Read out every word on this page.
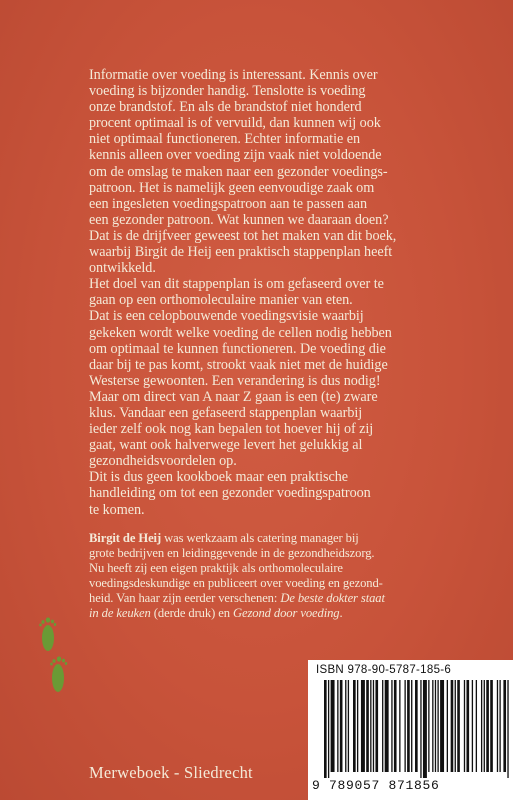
Informatie over voeding is interessant. Kennis over
voeding is bijzonder handig. Tenslotte is voeding
onze brandstof. En als de brandstof niet honderd
procent optimaal is of vervuild, dan kunnen wij ook
niet optimaal functioneren. Echter informatie en
kennis alleen over voeding zijn vaak niet voldoende
om de omslag te maken naar een gezonder voedings-
patroon. Het is namelijk geen eenvoudige zaak om
een ingesleten voedingspatroon aan te passen aan
een gezonder patroon. Wat kunnen we daaraan doen?
Dat is de drijfveer geweest tot het maken van dit boek,
waarbij Birgit de Heij een praktisch stappenplan heeft
ontwikkeld.
Het doel van dit stappenplan is om gefaseerd over te
gaan op een orthomoleculaire manier van eten.
Dat is een celopbouwende voedingsvisie waarbij
gekeken wordt welke voeding de cellen nodig hebben
om optimaal te kunnen functioneren. De voeding die
daar bij te pas komt, strookt vaak niet met de huidige
Westerse gewoonten. Een verandering is dus nodig!
Maar om direct van A naar Z gaan is een (te) zware
klus. Vandaar een gefaseerd stappenplan waarbij
ieder zelf ook nog kan bepalen tot hoever hij of zij
gaat, want ook halverwege levert het gelukkig al
gezondheidsvoordelen op.
Dit is dus geen kookboek maar een praktische
handleiding om tot een gezonder voedingspatroon
te komen.
Birgit de Heij was werkzaam als catering manager bij
grote bedrijven en leidinggevende in de gezondheidszorg.
Nu heeft zij een eigen praktijk als orthomoleculaire
voedingsdeskundige en publiceert over voeding en gezond-
heid. Van haar zijn eerder verschenen: De beste dokter staat
in de keuken (derde druk) en Gezond door voeding.
Merweboek - Sliedrecht
ISBN 978-90-5787-185-6
9 789057 871856
